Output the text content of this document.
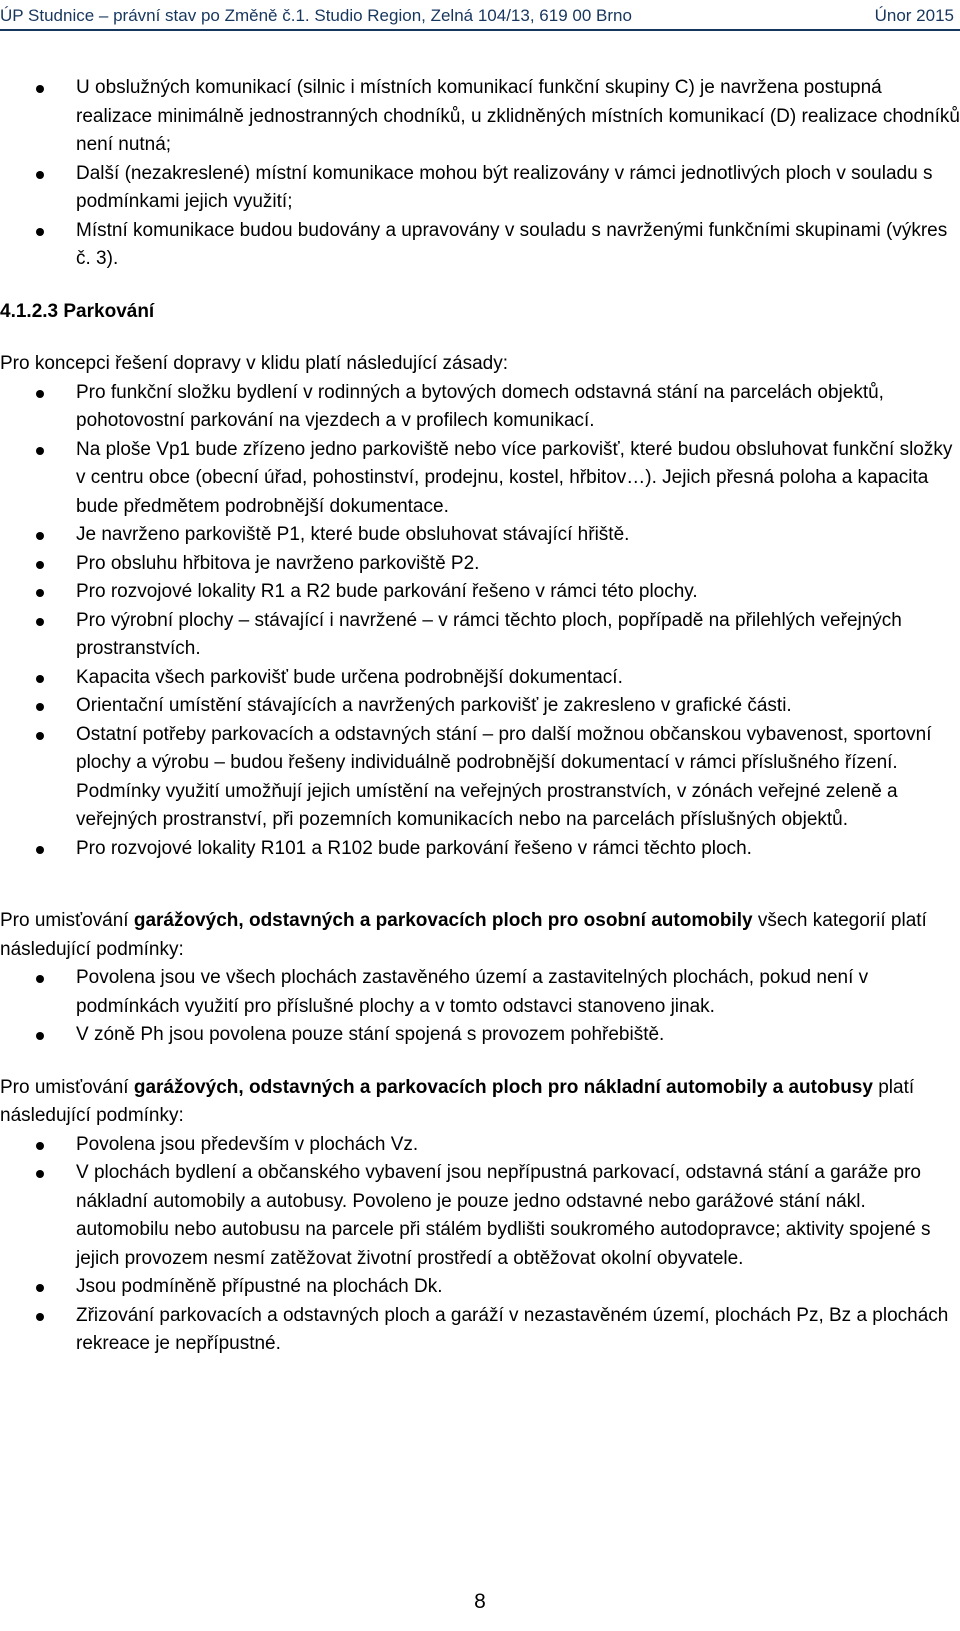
ÚP Studnice – právní stav po Změně č.1. Studio Region, Zelná 104/13, 619 00 Brno	Únor 2015
U obslužných komunikací (silnic i místních komunikací funkční skupiny C) je navržena postupná realizace minimálně jednostranných chodníků, u zklidněných místních komunikací (D) realizace chodníků není nutná;
Další (nezakreslené) místní komunikace mohou být realizovány v rámci jednotlivých ploch v souladu s podmínkami jejich využití;
Místní komunikace budou budovány a upravovány v souladu s navrženými funkčními skupinami (výkres č. 3).

4.1.2.3 Parkování

Pro koncepci řešení dopravy v klidu platí následující zásady:

Pro funkční složku bydlení v rodinných a bytových domech odstavná stání na parcelách objektů, pohotovostní parkování na vjezdech a v profilech komunikací.
Na ploše Vp1 bude zřízeno jedno parkoviště nebo více parkovišť, které budou obsluhovat funkční složky v centru obce (obecní úřad, pohostinství, prodejnu, kostel, hřbitov…). Jejich přesná poloha a kapacita bude předmětem podrobnější dokumentace.
Je navrženo parkoviště P1, které bude obsluhovat stávající hřiště.
Pro obsluhu hřbitova je navrženo parkoviště P2.
Pro rozvojové lokality R1 a R2 bude parkování řešeno v rámci této plochy.
Pro výrobní plochy – stávající i navržené – v rámci těchto ploch, popřípadě na přilehlých veřejných prostranstvích.
Kapacita všech parkovišť bude určena podrobnější dokumentací.
Orientační umístění stávajících a navržených parkovišť je zakresleno v grafické části.
Ostatní potřeby parkovacích a odstavných stání – pro další možnou občanskou vybavenost, sportovní plochy a výrobu – budou řešeny individuálně podrobnější dokumentací v rámci příslušného řízení. Podmínky využití umožňují jejich umístění na veřejných prostranstvích, v zónách veřejné zeleně a veřejných prostranství, při pozemních komunikacích nebo na parcelách příslušných objektů.
Pro rozvojové lokality R101 a R102 bude parkování řešeno v rámci těchto ploch.

Pro umisťování garážových, odstavných a parkovacích ploch pro osobní automobily všech kategorií platí následující podmínky:

Povolena jsou ve všech plochách zastavěného území a zastavitelných plochách, pokud není v podmínkách využití pro příslušné plochy a v tomto odstavci stanoveno jinak.
V zóně Ph jsou povolena pouze stání spojená s provozem pohřebiště.

Pro umisťování garážových, odstavných a parkovacích ploch pro nákladní automobily a autobusy platí následující podmínky:

Povolena jsou především v plochách Vz.
V plochách bydlení a občanského vybavení jsou nepřípustná parkovací, odstavná stání a garáže pro nákladní automobily a autobusy. Povoleno je pouze jedno odstavné nebo garážové stání nákl. automobilu nebo autobusu na parcele při stálém bydlišti soukromého autodopravce; aktivity spojené s jejich provozem nesmí zatěžovat životní prostředí a obtěžovat okolní obyvatele.
Jsou podmíněně přípustné na plochách Dk.
Zřizování parkovacích a odstavných ploch a garáží v nezastavěném území, plochách Pz, Bz a plochách rekreace je nepřípustné.
8
